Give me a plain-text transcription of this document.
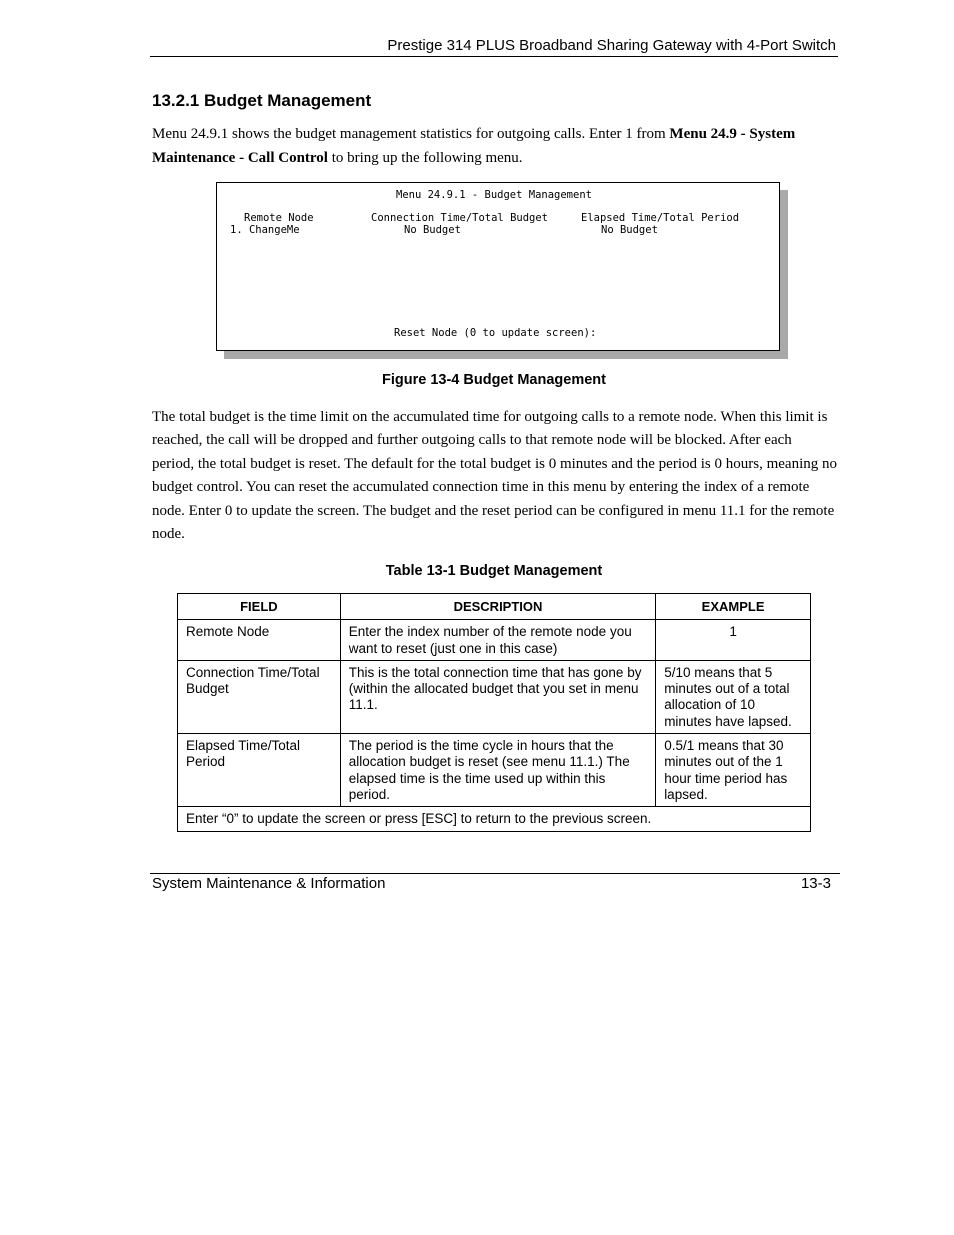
Prestige 314 PLUS Broadband Sharing Gateway with 4-Port Switch
13.2.1 Budget Management

Menu 24.9.1 shows the budget management statistics for outgoing calls. Enter 1 from Menu 24.9 - System Maintenance - Call Control to bring up the following menu.

Menu 24.9.1 - Budget Management
Remote Node	Connection Time/Total Budget	Elapsed Time/Total Period
1. ChangeMe	No Budget	No Budget
Reset Node (0 to update screen):
Figure 13-4 Budget Management

The total budget is the time limit on the accumulated time for outgoing calls to a remote node. When this limit is reached, the call will be dropped and further outgoing calls to that remote node will be blocked. After each period, the total budget is reset. The default for the total budget is 0 minutes and the period is 0 hours, meaning no budget control. You can reset the accumulated connection time in this menu by entering the index of a remote node. Enter 0 to update the screen. The budget and the reset period can be configured in menu 11.1 for the remote node.

Table 13-1 Budget Management
FIELD	DESCRIPTION	EXAMPLE
Remote Node	Enter the index number of the remote node you want to reset (just one in this case)	1
Connection Time/Total Budget	This is the total connection time that has gone by (within the allocated budget that you set in menu 11.1.	5/10 means that 5 minutes out of a total allocation of 10 minutes have lapsed.
Elapsed Time/Total Period	The period is the time cycle in hours that the allocation budget is reset (see menu 11.1.) The elapsed time is the time used up within this period.	0.5/1 means that 30 minutes out of the 1 hour time period has lapsed.
Enter “0” to update the screen or press [ESC] to return to the previous screen.		
System Maintenance & Information	13-3
